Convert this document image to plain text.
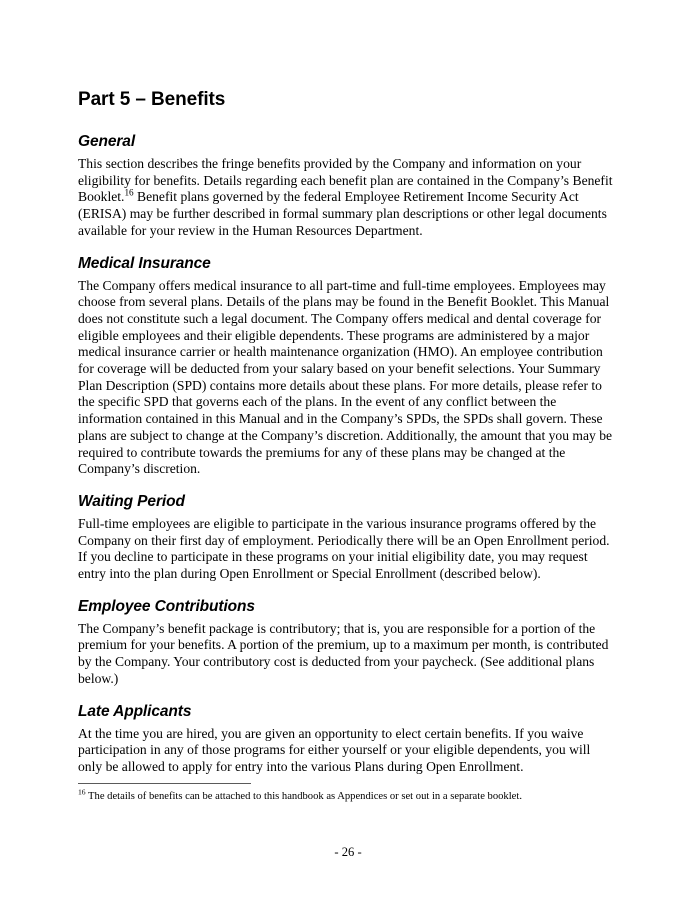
Part 5 – Benefits
General

This section describes the fringe benefits provided by the Company and information on your eligibility for benefits. Details regarding each benefit plan are contained in the Company’s Benefit Booklet.$^{16}$ Benefit plans governed by the federal Employee Retirement Income Security Act (ERISA) may be further described in formal summary plan descriptions or other legal documents available for your review in the Human Resources Department.

Medical Insurance

The Company offers medical insurance to all part-time and full-time employees. Employees may choose from several plans. Details of the plans may be found in the Benefit Booklet. This Manual does not constitute such a legal document. The Company offers medical and dental coverage for eligible employees and their eligible dependents. These programs are administered by a major medical insurance carrier or health maintenance organization (HMO). An employee contribution for coverage will be deducted from your salary based on your benefit selections. Your Summary Plan Description (SPD) contains more details about these plans. For more details, please refer to the specific SPD that governs each of the plans. In the event of any conflict between the information contained in this Manual and in the Company’s SPDs, the SPDs shall govern. These plans are subject to change at the Company’s discretion. Additionally, the amount that you may be required to contribute towards the premiums for any of these plans may be changed at the Company’s discretion.

Waiting Period

Full-time employees are eligible to participate in the various insurance programs offered by the Company on their first day of employment. Periodically there will be an Open Enrollment period. If you decline to participate in these programs on your initial eligibility date, you may request entry into the plan during Open Enrollment or Special Enrollment (described below).

Employee Contributions

The Company’s benefit package is contributory; that is, you are responsible for a portion of the premium for your benefits. A portion of the premium, up to a maximum per month, is contributed by the Company. Your contributory cost is deducted from your paycheck. (See additional plans below.)

Late Applicants

At the time you are hired, you are given an opportunity to elect certain benefits. If you waive participation in any of those programs for either yourself or your eligible dependents, you will only be allowed to apply for entry into the various Plans during Open Enrollment.

$^{16}$ The details of benefits can be attached to this handbook as Appendices or set out in a separate booklet.

- 26 -
